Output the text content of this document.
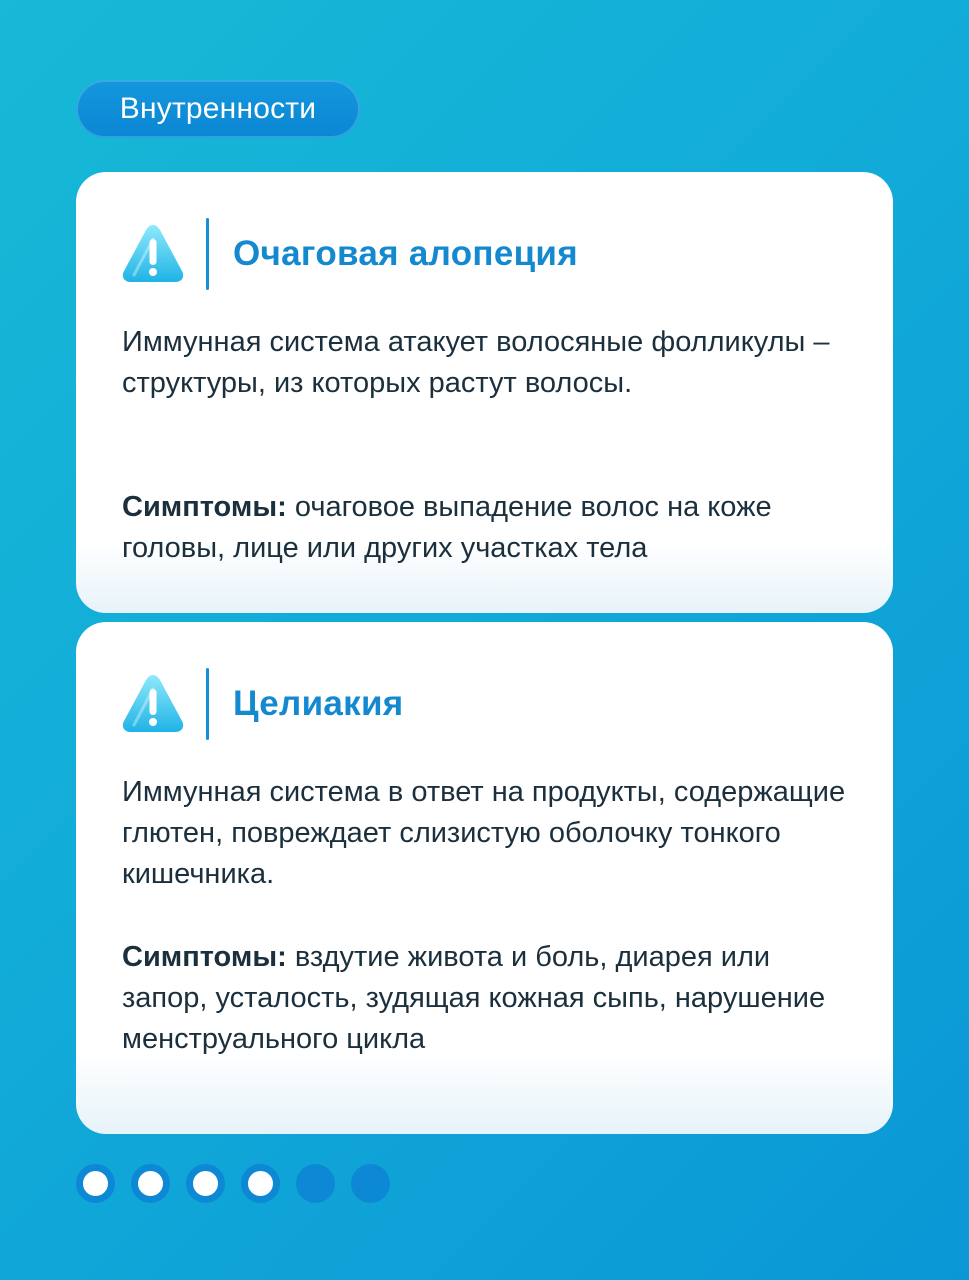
Внутренности
Очаговая алопеция

Иммунная система атакует волосяные фолликулы – структуры, из которых растут волосы.

Симптомы: очаговое выпадение волос на коже головы, лице или других участках тела

Целиакия

Иммунная система в ответ на продукты, содержащие глютен, повреждает слизистую оболочку тонкого кишечника.

Симптомы: вздутие живота и боль, диарея или запор, усталость, зудящая кожная сыпь, нарушение менструального цикла
